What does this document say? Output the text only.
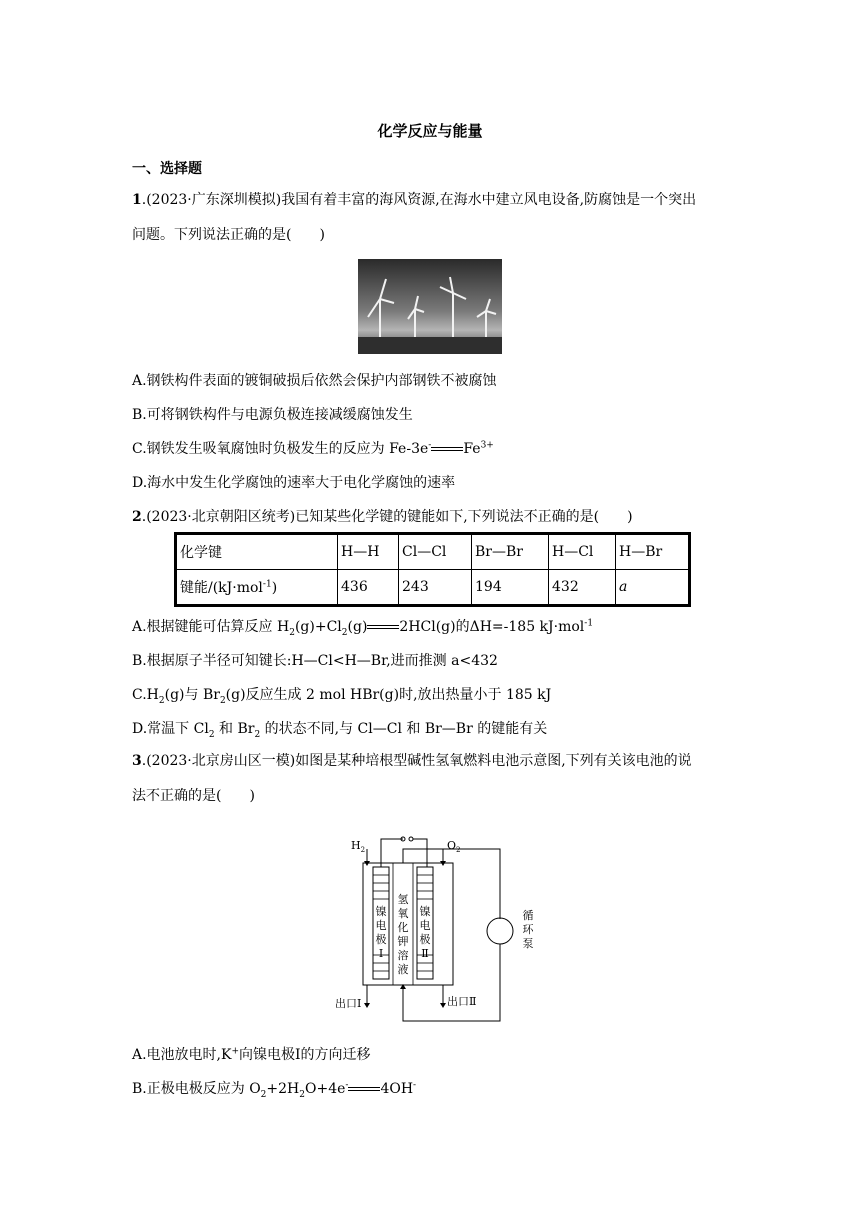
化学反应与能量
一、选择题
1.(2023·广东深圳模拟)我国有着丰富的海风资源,在海水中建立风电设备,防腐蚀是一个突出
问题。下列说法正确的是(　　)
A.钢铁构件表面的镀铜破损后依然会保护内部钢铁不被腐蚀
B.可将钢铁构件与电源负极连接减缓腐蚀发生
C.钢铁发生吸氧腐蚀时负极发生的反应为 Fe-3e- $Fe^{3+}$
D.海水中发生化学腐蚀的速率大于电化学腐蚀的速率
2.(2023·北京朝阳区统考)已知某些化学键的键能如下,下列说法不正确的是(　　)
化学键	H—H	Cl—Cl	Br—Br	H—Cl	H—Br
键能/(kJ·mol$^{-1}$)	436	243	194	432	a
A.根据键能可估算反应 $H_2(g)+Cl_2(g)$ 2HCl(g)的ΔH=-185 kJ·mol$^{-1}$
B.根据原子半径可知键长:H—Cl<H—Br,进而推测 a<432
$C.H_2(g)$与 $Br_2(g)$反应生成 2 mol HBr(g)时,放出热量小于 185 kJ
D.常温下 $Cl_2$ 和 $Br_2$ 的状态不同,与 Cl—Cl 和 Br—Br 的键能有关
3.(2023·北京房山区一模)如图是某种培根型碱性氢氧燃料电池示意图,下列有关该电池的说
法不正确的是(　　)
$H_2$	$O_2$
镍
电
极
Ⅰ
氢
氧
化
钾
溶
液
镍
电
极
Ⅱ
循
环
泵
出口Ⅰ	出口Ⅱ
A.电池放电时,K+向镍电极Ⅰ的方向迁移
B.正极电极反应为 $O_2+2H_2O+4e^-$ 4OH-
